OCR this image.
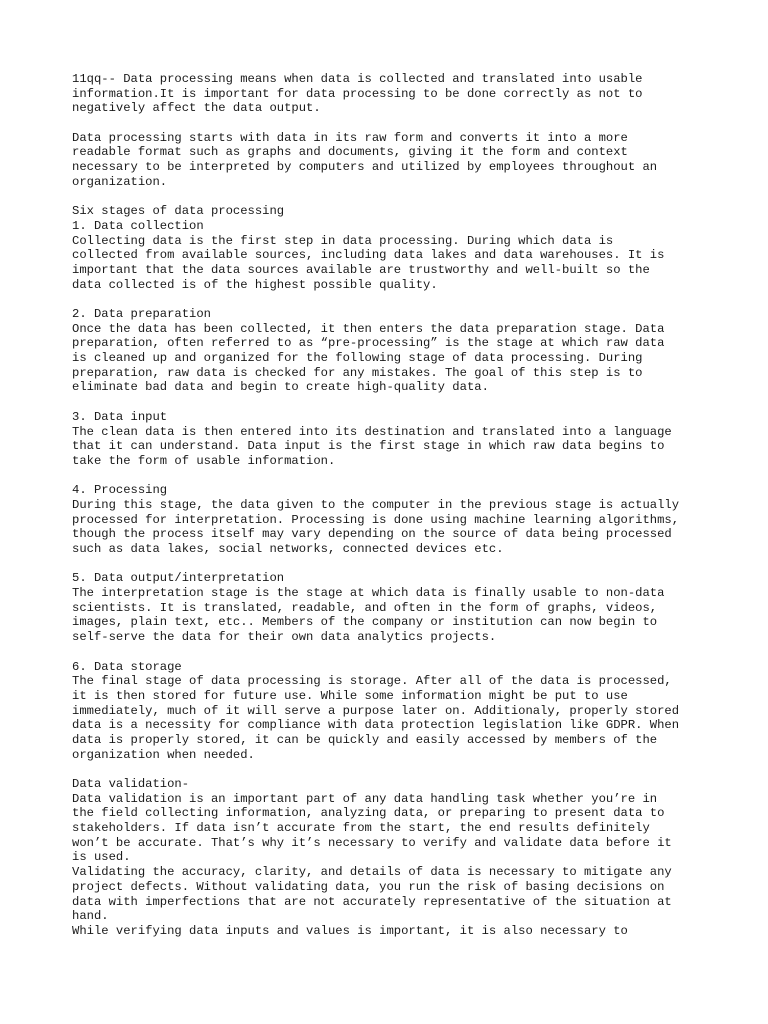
11qq-- Data processing means when data is collected and translated into usable
information.It is important for data processing to be done correctly as not to
negatively affect the data output.
Data processing starts with data in its raw form and converts it into a more
readable format such as graphs and documents, giving it the form and context
necessary to be interpreted by computers and utilized by employees throughout an
organization.
Six stages of data processing
1. Data collection
Collecting data is the first step in data processing. During which data is
collected from available sources, including data lakes and data warehouses. It is
important that the data sources available are trustworthy and well-built so the
data collected is of the highest possible quality.
2. Data preparation
Once the data has been collected, it then enters the data preparation stage. Data
preparation, often referred to as “pre-processing” is the stage at which raw data
is cleaned up and organized for the following stage of data processing. During
preparation, raw data is checked for any mistakes. The goal of this step is to
eliminate bad data and begin to create high-quality data.
3. Data input
The clean data is then entered into its destination and translated into a language
that it can understand. Data input is the first stage in which raw data begins to
take the form of usable information.
4. Processing
During this stage, the data given to the computer in the previous stage is actually
processed for interpretation. Processing is done using machine learning algorithms,
though the process itself may vary depending on the source of data being processed
such as data lakes, social networks, connected devices etc.
5. Data output/interpretation
The interpretation stage is the stage at which data is finally usable to non-data
scientists. It is translated, readable, and often in the form of graphs, videos,
images, plain text, etc.. Members of the company or institution can now begin to
self-serve the data for their own data analytics projects.
6. Data storage
The final stage of data processing is storage. After all of the data is processed,
it is then stored for future use. While some information might be put to use
immediately, much of it will serve a purpose later on. Additionaly, properly stored
data is a necessity for compliance with data protection legislation like GDPR. When
data is properly stored, it can be quickly and easily accessed by members of the
organization when needed.
Data validation-
Data validation is an important part of any data handling task whether you’re in
the field collecting information, analyzing data, or preparing to present data to
stakeholders. If data isn’t accurate from the start, the end results definitely
won’t be accurate. That’s why it’s necessary to verify and validate data before it
is used.
Validating the accuracy, clarity, and details of data is necessary to mitigate any
project defects. Without validating data, you run the risk of basing decisions on
data with imperfections that are not accurately representative of the situation at
hand.
While verifying data inputs and values is important, it is also necessary to
